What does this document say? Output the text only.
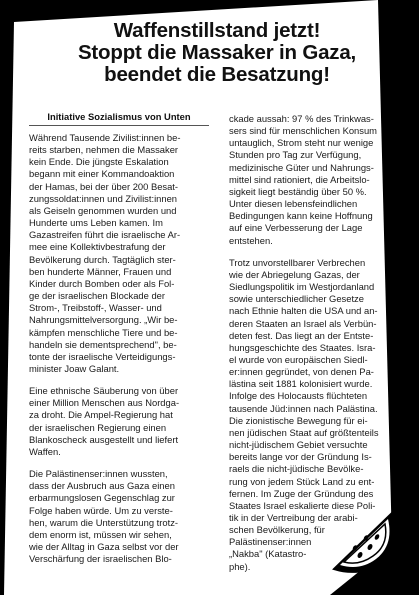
Waffenstillstand jetzt!
Stoppt die Massaker in Gaza,
beendet die Besatzung!
Initiative Sozialismus von Unten

Während Tausende Zivilist:innen be-
reits starben, nehmen die Massaker
kein Ende. Die jüngste Eskalation
begann mit einer Kommandoaktion
der Hamas, bei der über 200 Besat-
zungssoldat:innen und Zivilist:innen
als Geiseln genommen wurden und
Hunderte ums Leben kamen. Im
Gazastreifen führt die israelische Ar-
mee eine Kollektivbestrafung der
Bevölkerung durch. Tagtäglich ster-
ben hunderte Männer, Frauen und
Kinder durch Bomben oder als Fol-
ge der israelischen Blockade der
Strom-, Treibstoff-, Wasser- und
Nahrungsmittelversorgung. „Wir be-
kämpfen menschliche Tiere und be-
handeln sie dementsprechend", be-
tonte der israelische Verteidigungs-
minister Joaw Galant.

Eine ethnische Säuberung von über
einer Million Menschen aus Nordga-
za droht. Die Ampel-Regierung hat
der israelischen Regierung einen
Blankoscheck ausgestellt und liefert
Waffen.

Die Palästinenser:innen wussten,
dass der Ausbruch aus Gaza einen
erbarmungslosen Gegenschlag zur
Folge haben würde. Um zu verste-
hen, warum die Unterstützung trotz-
dem enorm ist, müssen wir sehen,
wie der Alltag in Gaza selbst vor der
Verschärfung der israelischen Blo-

ckade aussah: 97 % des Trinkwas-
sers sind für menschlichen Konsum
untauglich, Strom steht nur wenige
Stunden pro Tag zur Verfügung,
medizinische Güter und Nahrungs-
mittel sind rationiert, die Arbeitslo-
sigkeit liegt beständig über 50 %.
Unter diesen lebensfeindlichen
Bedingungen kann keine Hoffnung
auf eine Verbesserung der Lage
entstehen.

Trotz unvorstellbarer Verbrechen
wie der Abriegelung Gazas, der
Siedlungspolitik im Westjordanland
sowie unterschiedlicher Gesetze
nach Ethnie halten die USA und an-
deren Staaten an Israel als Verbün-
deten fest. Das liegt an der Entste-
hungsgeschichte des Staates. Isra-
el wurde von europäischen Siedl-
er:innen gegründet, von denen Pa-
lästina seit 1881 kolonisiert wurde.
Infolge des Holocausts flüchteten
tausende Jüd:innen nach Palästina.
Die zionistische Bewegung für ei-
nen jüdischen Staat auf größtenteils
nicht-jüdischem Gebiet versuchte
bereits lange vor der Gründung Is-
raels die nicht-jüdische Bevölke-
rung von jedem Stück Land zu ent-
fernen. Im Zuge der Gründung des
Staates Israel eskalierte diese Poli-
tik in der Vertreibung der arabi-
schen Bevölkerung, für
Palästinenser:innen
„Nakba" (Katastro-
phe).
